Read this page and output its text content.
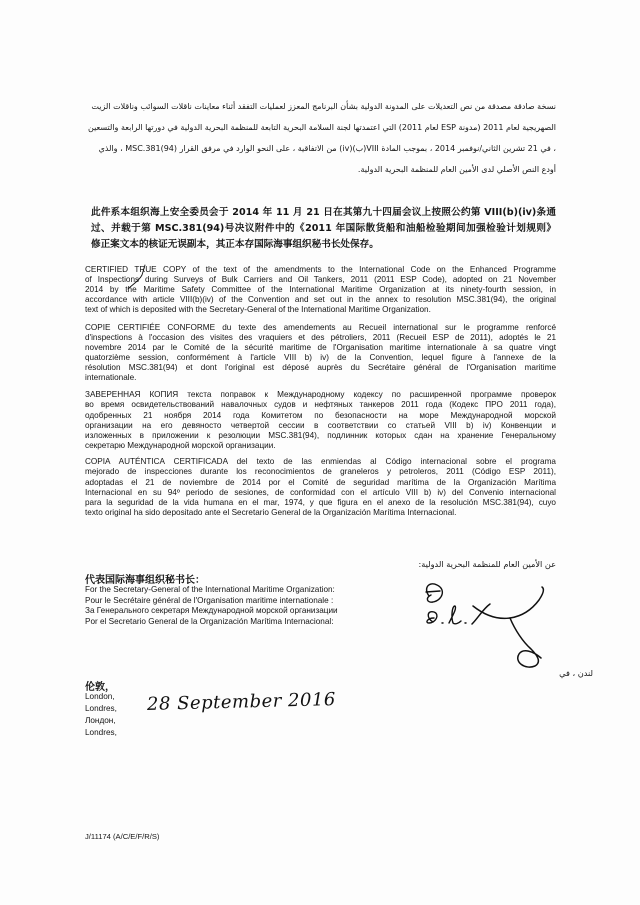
نسخة صادقة مصدقة من نص التعديلات على المدونة الدولية بشأن البرنامج المعزز لعمليات التفقد أثناء معاينات ناقلات السوائب وناقلات الزيت
الصهريجية لعام 2011 (مدونة ESP لعام 2011) التي اعتمدتها لجنة السلامة البحرية التابعة للمنظمة البحرية الدولية في دورتها الرابعة والتسعين
، في 21 تشرين الثاني/نوفمبر 2014 ، بموجب المادة VIII(ب)(iv) من الاتفاقية ، على النحو الوارد في مرفق القرار MSC.381(94) ، والذي
أودع النص الأصلي لدى الأمين العام للمنظمة البحرية الدولية.
此件系本组织海上安全委员会于 2014 年 11 月 21 日在其第九十四届会议上按照公约第 VIII(b)(iv)条通
过、并载于第 MSC.381(94)号决议附件中的《2011 年国际散货船和油船检验期间加强检验计划规则》
修正案文本的核证无误副本，其正本存国际海事组织秘书长处保存。
CERTIFIED TRUE COPY of the text of the amendments to the International Code on the Enhanced Programme
of Inspections during Surveys of Bulk Carriers and Oil Tankers, 2011 (2011 ESP Code), adopted on 21 November
2014 by the Maritime Safety Committee of the International Maritime Organization at its ninety-fourth session, in
accordance with article VIII(b)(iv) of the Convention and set out in the annex to resolution MSC.381(94), the original
text of which is deposited with the Secretary-General of the International Maritime Organization.
COPIE CERTIFIÉE CONFORME du texte des amendements au Recueil international sur le programme renforcé
d'inspections à l'occasion des visites des vraquiers et des pétroliers, 2011 (Recueil ESP de 2011), adoptés le 21
novembre 2014 par le Comité de la sécurité maritime de l'Organisation maritime internationale à sa quatre vingt
quatorzième session, conformément à l'article VIII b) iv) de la Convention, lequel figure à l'annexe de la
résolution MSC.381(94) et dont l'original est déposé auprès du Secrétaire général de l'Organisation maritime
internationale.
ЗАВЕРЕННАЯ КОПИЯ текста поправок к Международному кодексу по расширенной программе проверок
во время освидетельствований навалочных судов и нефтяных танкеров 2011 года (Кодекс ПРО 2011 года),
одобренных 21 ноября 2014 года Комитетом по безопасности на море Международной морской
организации на его девяносто четвертой сессии в соответствии со статьей VIII b) iv) Конвенции и
изложенных в приложении к резолюции MSC.381(94), подлинник которых сдан на хранение Генеральному
секретарю Международной морской организации.
COPIA AUTÉNTICA CERTIFICADA del texto de las enmiendas al Código internacional sobre el programa
mejorado de inspecciones durante los reconocimientos de graneleros y petroleros, 2011 (Código ESP 2011),
adoptadas el 21 de noviembre de 2014 por el Comité de seguridad marítima de la Organización Marítima
Internacional en su 94º periodo de sesiones, de conformidad con el artículo VIII b) iv) del Convenio internacional
para la seguridad de la vida humana en el mar, 1974, y que figura en el anexo de la resolución MSC.381(94), cuyo
texto original ha sido depositado ante el Secretario General de la Organización Marítima Internacional.
عن الأمين العام للمنظمة البحرية الدولية:
代表国际海事组织秘书长：
For the Secretary-General of the International Maritime Organization:
Pour le Secrétaire général de l'Organisation maritime internationale :
За Генерального секретаря Международной морской организации
Por el Secretario General de la Organización Marítima Internacional:
لندن ، في
伦敦，
London,
Londres,
Лондон,
Londres,
28 September 2016
J/11174 (A/C/E/F/R/S)
